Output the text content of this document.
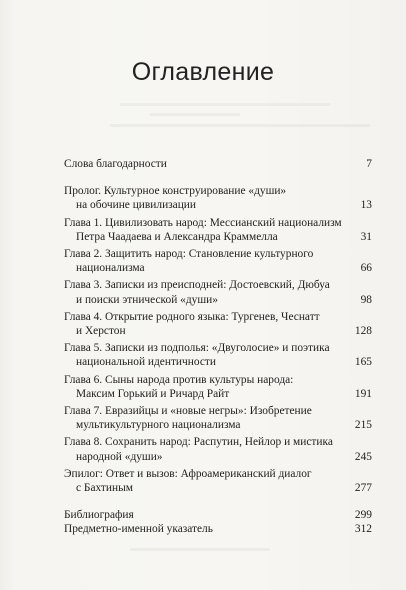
Оглавление
Слова благодарности	7
Пролог. Культурное конструирование «души»
на обочине цивилизации	13
Глава 1. Цивилизовать народ: Мессианский национализм
Петра Чаадаева и Александра Краммелла	31
Глава 2. Защитить народ: Становление культурного
национализма	66
Глава 3. Записки из преисподней: Достоевский, Дюбуа
и поиски этнической «души»	98
Глава 4. Открытие родного языка: Тургенев, Чеснатт
и Херстон	128
Глава 5. Записки из подполья: «Двуголосие» и поэтика
национальной идентичности	165
Глава 6. Сыны народа против культуры народа:
Максим Горький и Ричард Райт	191
Глава 7. Евразийцы и «новые негры»: Изобретение
мультикультурного национализма	215
Глава 8. Сохранить народ: Распутин, Нейлор и мистика
народной «души»	245
Эпилог: Ответ и вызов: Афроамериканский диалог
с Бахтиным	277
Библиография	299
Предметно-именной указатель	312
